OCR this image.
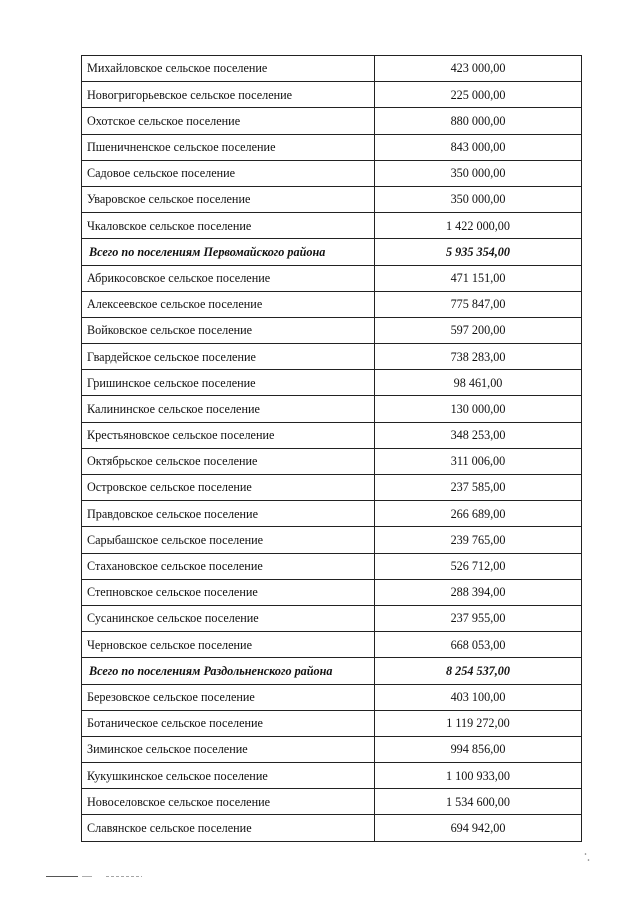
Михайловское сельское поселение	423 000,00
Новогригорьевское сельское поселение	225 000,00
Охотское сельское поселение	880 000,00
Пшеничненское сельское поселение	843 000,00
Садовое сельское поселение	350 000,00
Уваровское сельское поселение	350 000,00
Чкаловское сельское поселение	1 422 000,00
Всего по поселениям Первомайского района	5 935 354,00
Абрикосовское сельское поселение	471 151,00
Алексеевское сельское поселение	775 847,00
Войковское сельское поселение	597 200,00
Гвардейское сельское поселение	738 283,00
Гришинское сельское поселение	98 461,00
Калининское сельское поселение	130 000,00
Крестьяновское сельское поселение	348 253,00
Октябрьское сельское поселение	311 006,00
Островское сельское поселение	237 585,00
Правдовское сельское поселение	266 689,00
Сарыбашское сельское поселение	239 765,00
Стахановское сельское поселение	526 712,00
Степновское сельское поселение	288 394,00
Сусанинское сельское поселение	237 955,00
Черновское сельское поселение	668 053,00
Всего по поселениям Раздольненского района	8 254 537,00
Березовское сельское поселение	403 100,00
Ботаническое сельское поселение	1 119 272,00
Зиминское сельское поселение	994 856,00
Кукушкинское сельское поселение	1 100 933,00
Новоселовское сельское поселение	1 534 600,00
Славянское сельское поселение	694 942,00
